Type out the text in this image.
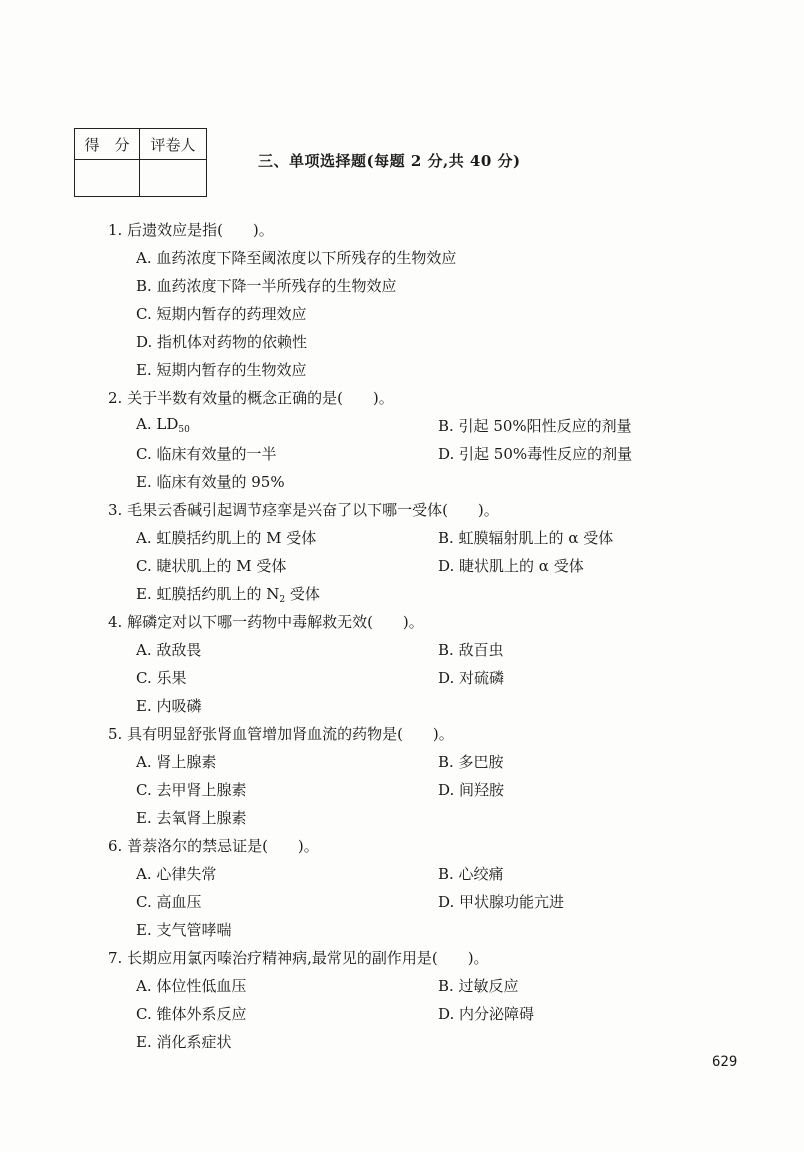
得　分	评卷人

三、单项选择题(每题 2 分,共 40 分)
1. 后遗效应是指(　　)。
A. 血药浓度下降至阈浓度以下所残存的生物效应
B. 血药浓度下降一半所残存的生物效应
C. 短期内暂存的药理效应
D. 指机体对药物的依赖性
E. 短期内暂存的生物效应
2. 关于半数有效量的概念正确的是(　　)。
A. $LD_{50}$	B. 引起 50%阳性反应的剂量
C. 临床有效量的一半	D. 引起 50%毒性反应的剂量
E. 临床有效量的 95%
3. 毛果云香碱引起调节痉挛是兴奋了以下哪一受体(　　)。
A. 虹膜括约肌上的 M 受体	B. 虹膜辐射肌上的 α 受体
C. 睫状肌上的 M 受体	D. 睫状肌上的 α 受体
E. 虹膜括约肌上的 $N_2$ 受体
4. 解磷定对以下哪一药物中毒解救无效(　　)。
A. 敌敌畏	B. 敌百虫
C. 乐果	D. 对硫磷
E. 内吸磷
5. 具有明显舒张肾血管增加肾血流的药物是(　　)。
A. 肾上腺素	B. 多巴胺
C. 去甲肾上腺素	D. 间羟胺
E. 去氧肾上腺素
6. 普萘洛尔的禁忌证是(　　)。
A. 心律失常	B. 心绞痛
C. 高血压	D. 甲状腺功能亢进
E. 支气管哮喘
7. 长期应用氯丙嗪治疗精神病,最常见的副作用是(　　)。
A. 体位性低血压	B. 过敏反应
C. 锥体外系反应	D. 内分泌障碍
E. 消化系症状
629
